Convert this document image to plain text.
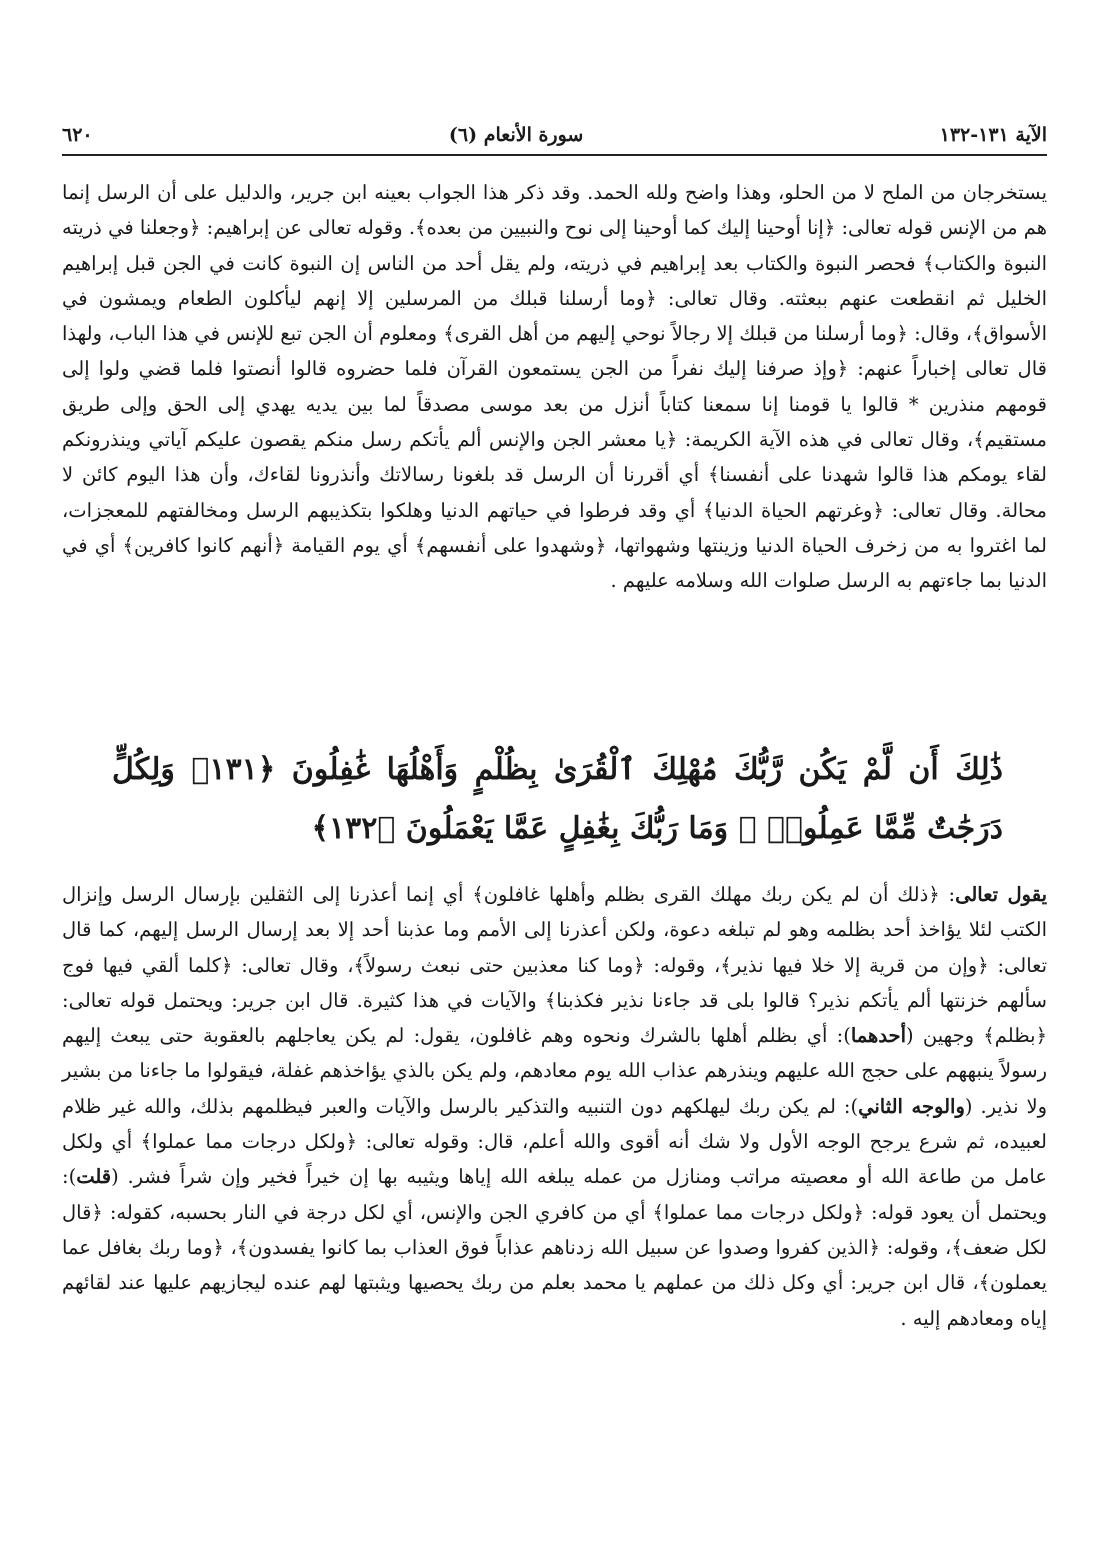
٦٢٠	(٦) سورة الأنعام	الآية ١٣١-١٣٢

يستخرجان من الملح لا من الحلو، وهذا واضح ولله الحمد. وقد ذكر هذا الجواب بعينه ابن جرير، والدليل على أن الرسل إنما هم من الإنس قوله تعالى: ﴿إنا أوحينا إليك كما أوحينا إلى نوح والنبيين من بعده﴾. وقوله تعالى عن إبراهيم: ﴿وجعلنا في ذريته النبوة والكتاب﴾ فحصر النبوة والكتاب بعد إبراهيم في ذريته، ولم يقل أحد من الناس إن النبوة كانت في الجن قبل إبراهيم الخليل ثم انقطعت عنهم ببعثته. وقال تعالى: ﴿وما أرسلنا قبلك من المرسلين إلا إنهم ليأكلون الطعام ويمشون في الأسواق﴾، وقال: ﴿وما أرسلنا من قبلك إلا رجالاً نوحي إليهم من أهل القرى﴾ ومعلوم أن الجن تبع للإنس في هذا الباب، ولهذا قال تعالى إخباراً عنهم: ﴿وإذ صرفنا إليك نفراً من الجن يستمعون القرآن فلما حضروه قالوا أنصتوا فلما قضي ولوا إلى قومهم منذرين * قالوا يا قومنا إنا سمعنا كتاباً أنزل من بعد موسى مصدقاً لما بين يديه يهدي إلى الحق وإلى طريق مستقيم﴾، وقال تعالى في هذه الآية الكريمة: ﴿يا معشر الجن والإنس ألم يأتكم رسل منكم يقصون عليكم آياتي وينذرونكم لقاء يومكم هذا قالوا شهدنا على أنفسنا﴾ أي أقررنا أن الرسل قد بلغونا رسالاتك وأنذرونا لقاءك، وأن هذا اليوم كائن لا محالة. وقال تعالى: ﴿وغرتهم الحياة الدنيا﴾ أي وقد فرطوا في حياتهم الدنيا وهلكوا بتكذيبهم الرسل ومخالفتهم للمعجزات، لما اغتروا به من زخرف الحياة الدنيا وزينتها وشهواتها، ﴿وشهدوا على أنفسهم﴾ أي يوم القيامة ﴿أنهم كانوا كافرين﴾ أي في الدنيا بما جاءتهم به الرسل صلوات الله وسلامه عليهم .

ذَٰلِكَ أَن لَّمْ يَكُن رَّبُّكَ مُهْلِكَ ٱلْقُرَىٰ بِظُلْمٍ وَأَهْلُهَا غَٰفِلُونَ ﴿١٣١﴾ وَلِكُلٍّ دَرَجَٰتٌ مِّمَّا عَمِلُوا۟ ۚ وَمَا رَبُّكَ بِغَٰفِلٍ عَمَّا يَعْمَلُونَ ﴿١٣٢﴾

يقول تعالى: ﴿ذلك أن لم يكن ربك مهلك القرى بظلم وأهلها غافلون﴾ أي إنما أعذرنا إلى الثقلين بإرسال الرسل وإنزال الكتب لئلا يؤاخذ أحد بظلمه وهو لم تبلغه دعوة، ولكن أعذرنا إلى الأمم وما عذبنا أحد إلا بعد إرسال الرسل إليهم، كما قال تعالى: ﴿وإن من قرية إلا خلا فيها نذير﴾، وقوله: ﴿وما كنا معذبين حتى نبعث رسولاً﴾، وقال تعالى: ﴿كلما ألقي فيها فوج سألهم خزنتها ألم يأتكم نذير؟ قالوا بلى قد جاءنا نذير فكذبنا﴾ والآيات في هذا كثيرة. قال ابن جرير: ويحتمل قوله تعالى: ﴿بظلم﴾ وجهين (أحدهما): أي بظلم أهلها بالشرك ونحوه وهم غافلون، يقول: لم يكن يعاجلهم بالعقوبة حتى يبعث إليهم رسولاً ينبههم على حجج الله عليهم وينذرهم عذاب الله يوم معادهم، ولم يكن بالذي يؤاخذهم غفلة، فيقولوا ما جاءنا من بشير ولا نذير. (والوجه الثاني): لم يكن ربك ليهلكهم دون التنبيه والتذكير بالرسل والآيات والعبر فيظلمهم بذلك، والله غير ظلام لعبيده، ثم شرع يرجح الوجه الأول ولا شك أنه أقوى والله أعلم، قال: وقوله تعالى: ﴿ولكل درجات مما عملوا﴾ أي ولكل عامل من طاعة الله أو معصيته مراتب ومنازل من عمله يبلغه الله إياها ويثيبه بها إن خيراً فخير وإن شراً فشر. (قلت): ويحتمل أن يعود قوله: ﴿ولكل درجات مما عملوا﴾ أي من كافري الجن والإنس، أي لكل درجة في النار بحسبه، كقوله: ﴿قال لكل ضعف﴾، وقوله: ﴿الذين كفروا وصدوا عن سبيل الله زدناهم عذاباً فوق العذاب بما كانوا يفسدون﴾، ﴿وما ربك بغافل عما يعملون﴾، قال ابن جرير: أي وكل ذلك من عملهم يا محمد بعلم من ربك يحصيها ويثبتها لهم عنده ليجازيهم عليها عند لقائهم إياه ومعادهم إليه .
